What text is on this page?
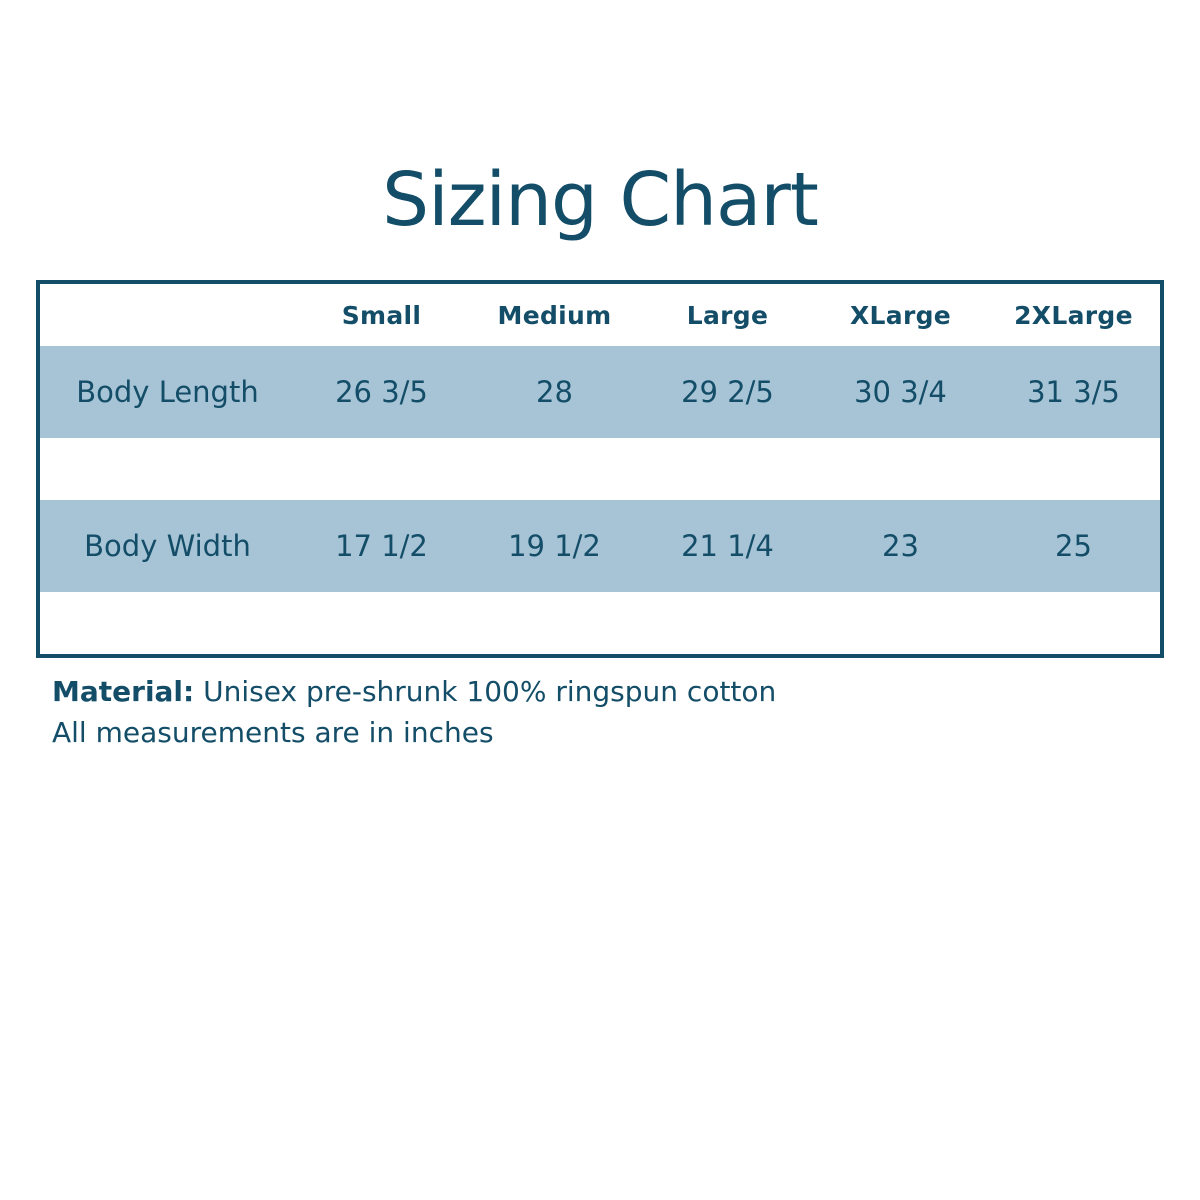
Sizing Chart
	Small	Medium	Large	XLarge	2XLarge
Body Length	26 3/5	28	29 2/5	30 3/4	31 3/5

Body Width	17 1/2	19 1/2	21 1/4	23	25

Material: Unisex pre-shrunk 100% ringspun cotton
All measurements are in inches
